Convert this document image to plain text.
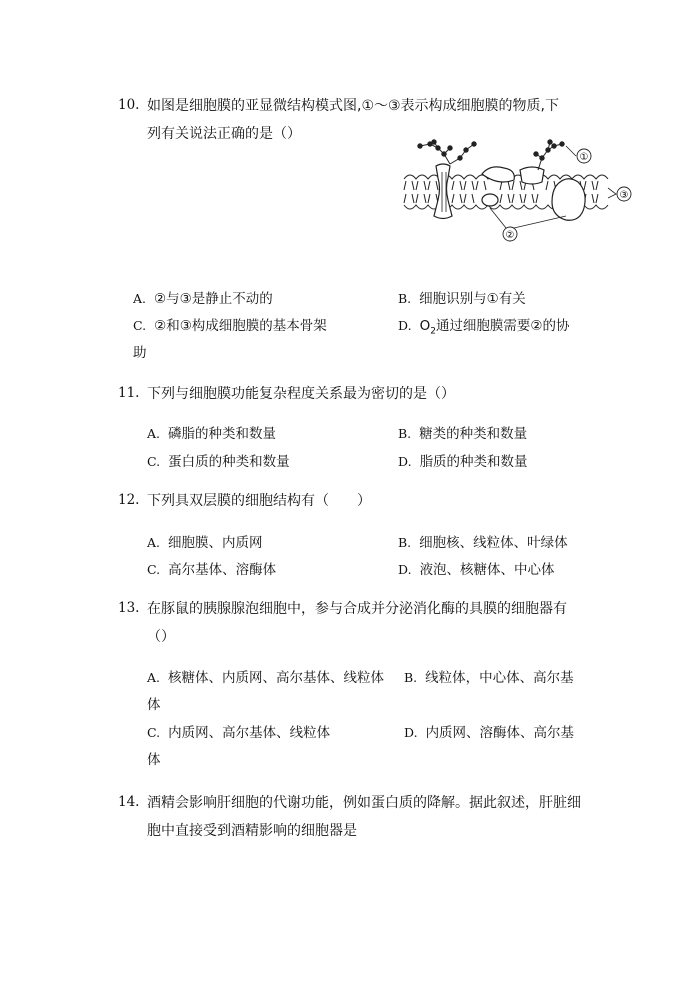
10. 如图是细胞膜的亚显微结构模式图,①～③表示构成细胞膜的物质,下
列有关说法正确的是（）
①
③
②
A. ②与③是静止不动的	B. 细胞识别与①有关
C. ②和③构成细胞膜的基本骨架	D. $O_2$通过细胞膜需要②的协
助
11. 下列与细胞膜功能复杂程度关系最为密切的是（）
A. 磷脂的种类和数量	B. 糖类的种类和数量
C. 蛋白质的种类和数量	D. 脂质的种类和数量
12. 下列具双层膜的细胞结构有（　　）
A. 细胞膜、内质网	B. 细胞核、线粒体、叶绿体
C. 高尔基体、溶酶体	D. 液泡、核糖体、中心体
13. 在豚鼠的胰腺腺泡细胞中，参与合成并分泌消化酶的具膜的细胞器有
（）
A. 核糖体、内质网、高尔基体、线粒体 B. 线粒体，中心体、高尔基
体
C. 内质网、高尔基体、线粒体	D. 内质网、溶酶体、高尔基
体
14. 酒精会影响肝细胞的代谢功能，例如蛋白质的降解。据此叙述，肝脏细
胞中直接受到酒精影响的细胞器是
